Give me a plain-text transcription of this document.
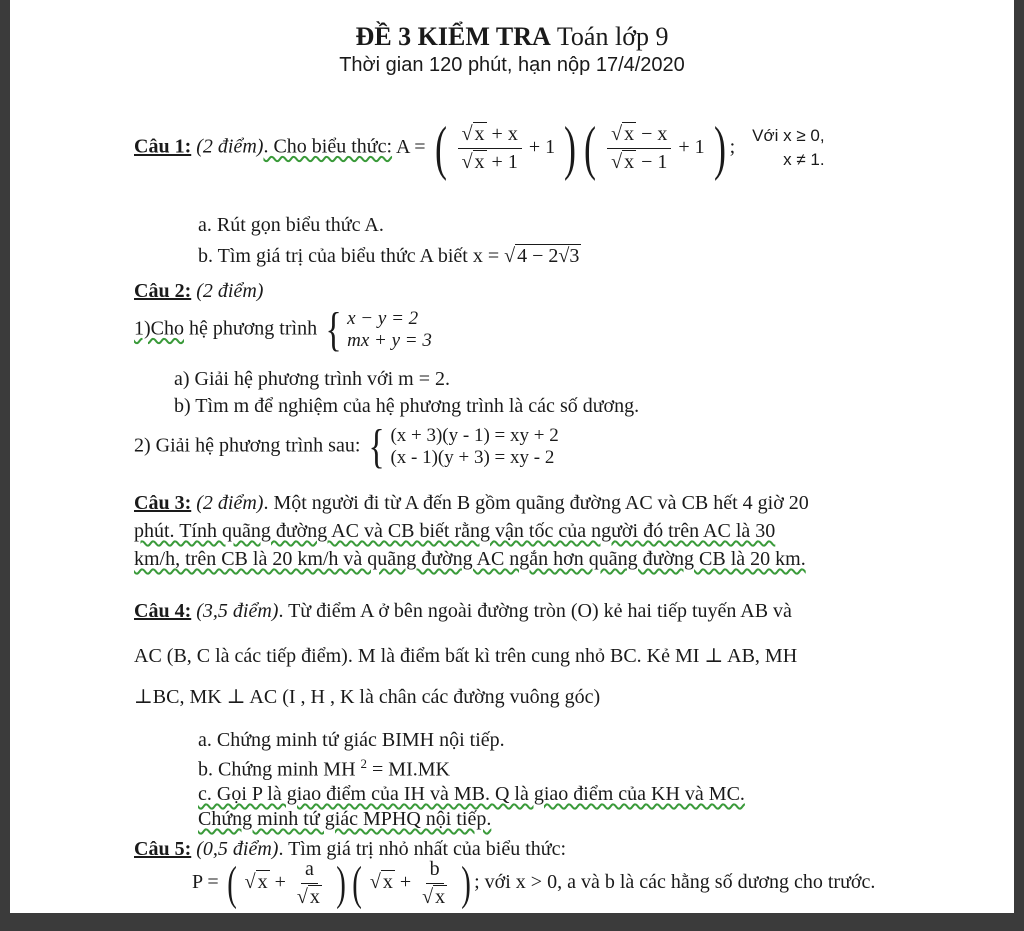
ĐỀ 3 KIỂM TRA Toán lớp 9
Thời gian 120 phút, hạn nộp 17/4/2020
Câu 1: (2 điểm). Cho biểu thức: A = ( $\frac{√ x + x}{√ x + 1} + 1$ ) ( $\frac{√ x - x}{√ x - 1} + 1$ ) ;
Với x ≥ 0,
x ≠ 1.
a. Rút gọn biểu thức A.
b. Tìm giá trị của biểu thức A biết x = √ 4 − 2√3
Câu 2: (2 điểm)
1)Cho hệ phương trình { x − y = 2
mx + y = 3
a) Giải hệ phương trình với m = 2.
b) Tìm m để nghiệm của hệ phương trình là các số dương.
2) Giải hệ phương trình sau: { (x + 3)(y - 1) = xy + 2
(x - 1)(y + 3) = xy - 2
Câu 3: (2 điểm). Một người đi từ A đến B gồm quãng đường AC và CB hết 4 giờ 20
phút. Tính quãng đường AC và CB biết rằng vận tốc của người đó trên AC là 30
km/h, trên CB là 20 km/h và quãng đường AC ngắn hơn quãng đường CB là 20 km.
Câu 4: (3,5 điểm). Từ điểm A ở bên ngoài đường tròn (O) kẻ hai tiếp tuyến AB và
AC (B, C là các tiếp điểm). M là điểm bất kì trên cung nhỏ BC. Kẻ MI ⊥ AB, MH
⊥BC, MK ⊥ AC (I , H , K là chân các đường vuông góc)
a. Chứng minh tứ giác BIMH nội tiếp.
b. Chứng minh MH $^2$ = MI.MK
c. Gọi P là giao điểm của IH và MB. Q là giao điểm của KH và MC.
Chứng minh tứ giác MPHQ nội tiếp.
Câu 5: (0,5 điểm). Tìm giá trị nhỏ nhất của biểu thức:
P = ( √ $x + \frac{a}{√ x}$ ) ( √ $x + \frac{b}{√ x}$ ) ; với x > 0, a và b là các hằng số dương cho trước.
